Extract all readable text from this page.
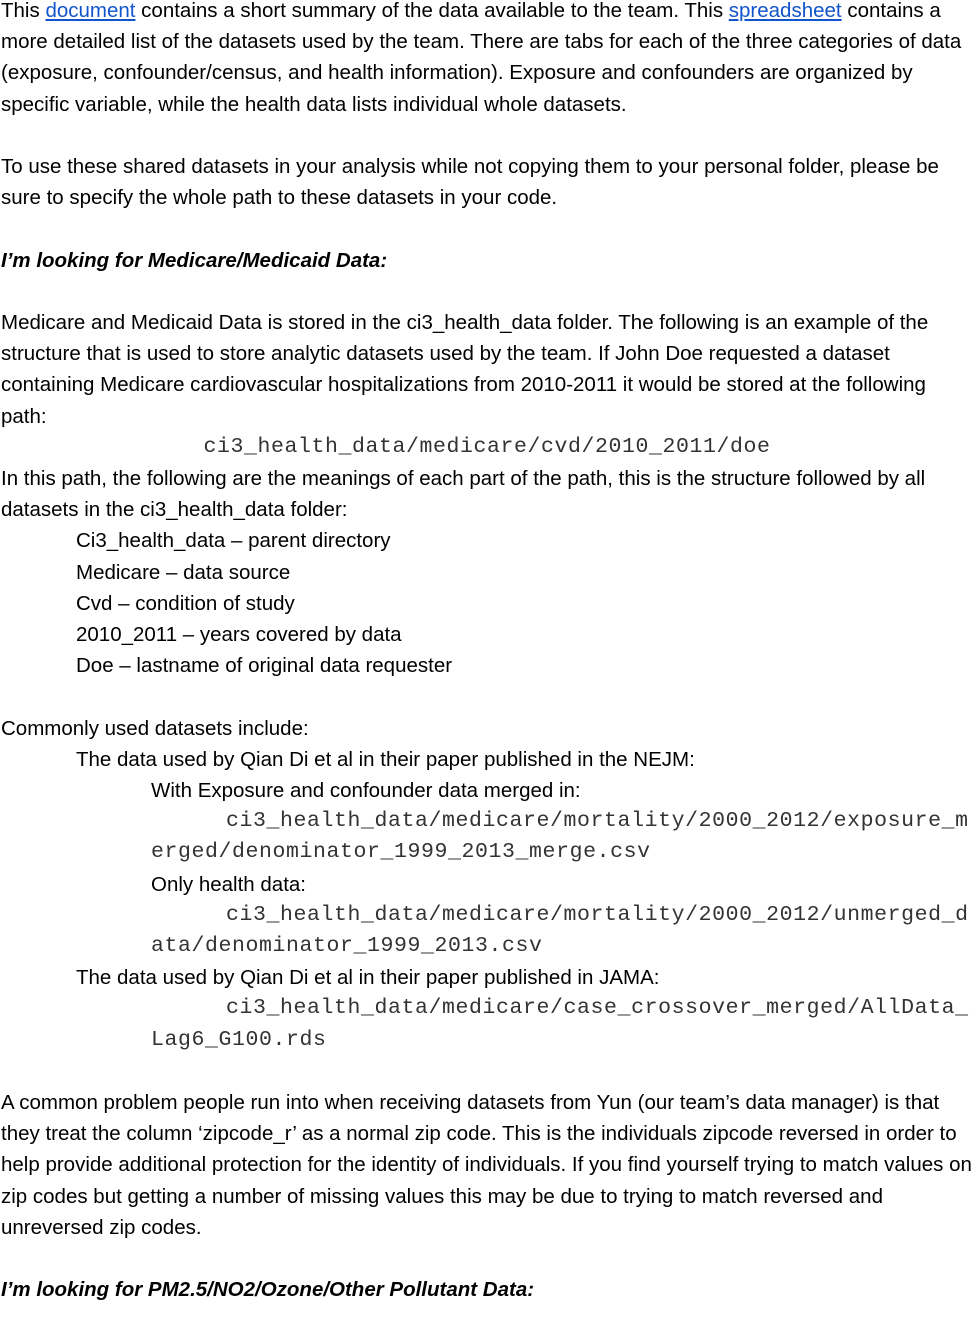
This document contains a short summary of the data available to the team. This spreadsheet contains a more detailed list of the datasets used by the team. There are tabs for each of the three categories of data (exposure, confounder/census, and health information). Exposure and confounders are organized by specific variable, while the health data lists individual whole datasets.

To use these shared datasets in your analysis while not copying them to your personal folder, please be sure to specify the whole path to these datasets in your code.

I’m looking for Medicare/Medicaid Data:

Medicare and Medicaid Data is stored in the ci3_health_data folder. The following is an example of the structure that is used to store analytic datasets used by the team. If John Doe requested a dataset containing Medicare cardiovascular hospitalizations from 2010-2011 it would be stored at the following path:

ci3_health_data/medicare/cvd/2010_2011/doe

In this path, the following are the meanings of each part of the path, this is the structure followed by all datasets in the ci3_health_data folder:

Ci3_health_data – parent directory

Medicare – data source

Cvd – condition of study

2010_2011 – years covered by data

Doe – lastname of original data requester

Commonly used datasets include:

The data used by Qian Di et al in their paper published in the NEJM:

With Exposure and confounder data merged in:

ci3_health_data/medicare/mortality/2000_2012/exposure_merged/denominator_1999_2013_merge.csv

Only health data:

ci3_health_data/medicare/mortality/2000_2012/unmerged_data/denominator_1999_2013.csv

The data used by Qian Di et al in their paper published in JAMA:

ci3_health_data/medicare/case_crossover_merged/AllData_Lag6_G100.rds

A common problem people run into when receiving datasets from Yun (our team’s data manager) is that they treat the column ‘zipcode_r’ as a normal zip code. This is the individuals zipcode reversed in order to help provide additional protection for the identity of individuals. If you find yourself trying to match values on zip codes but getting a number of missing values this may be due to trying to match reversed and unreversed zip codes.

I’m looking for PM2.5/NO2/Ozone/Other Pollutant Data:
